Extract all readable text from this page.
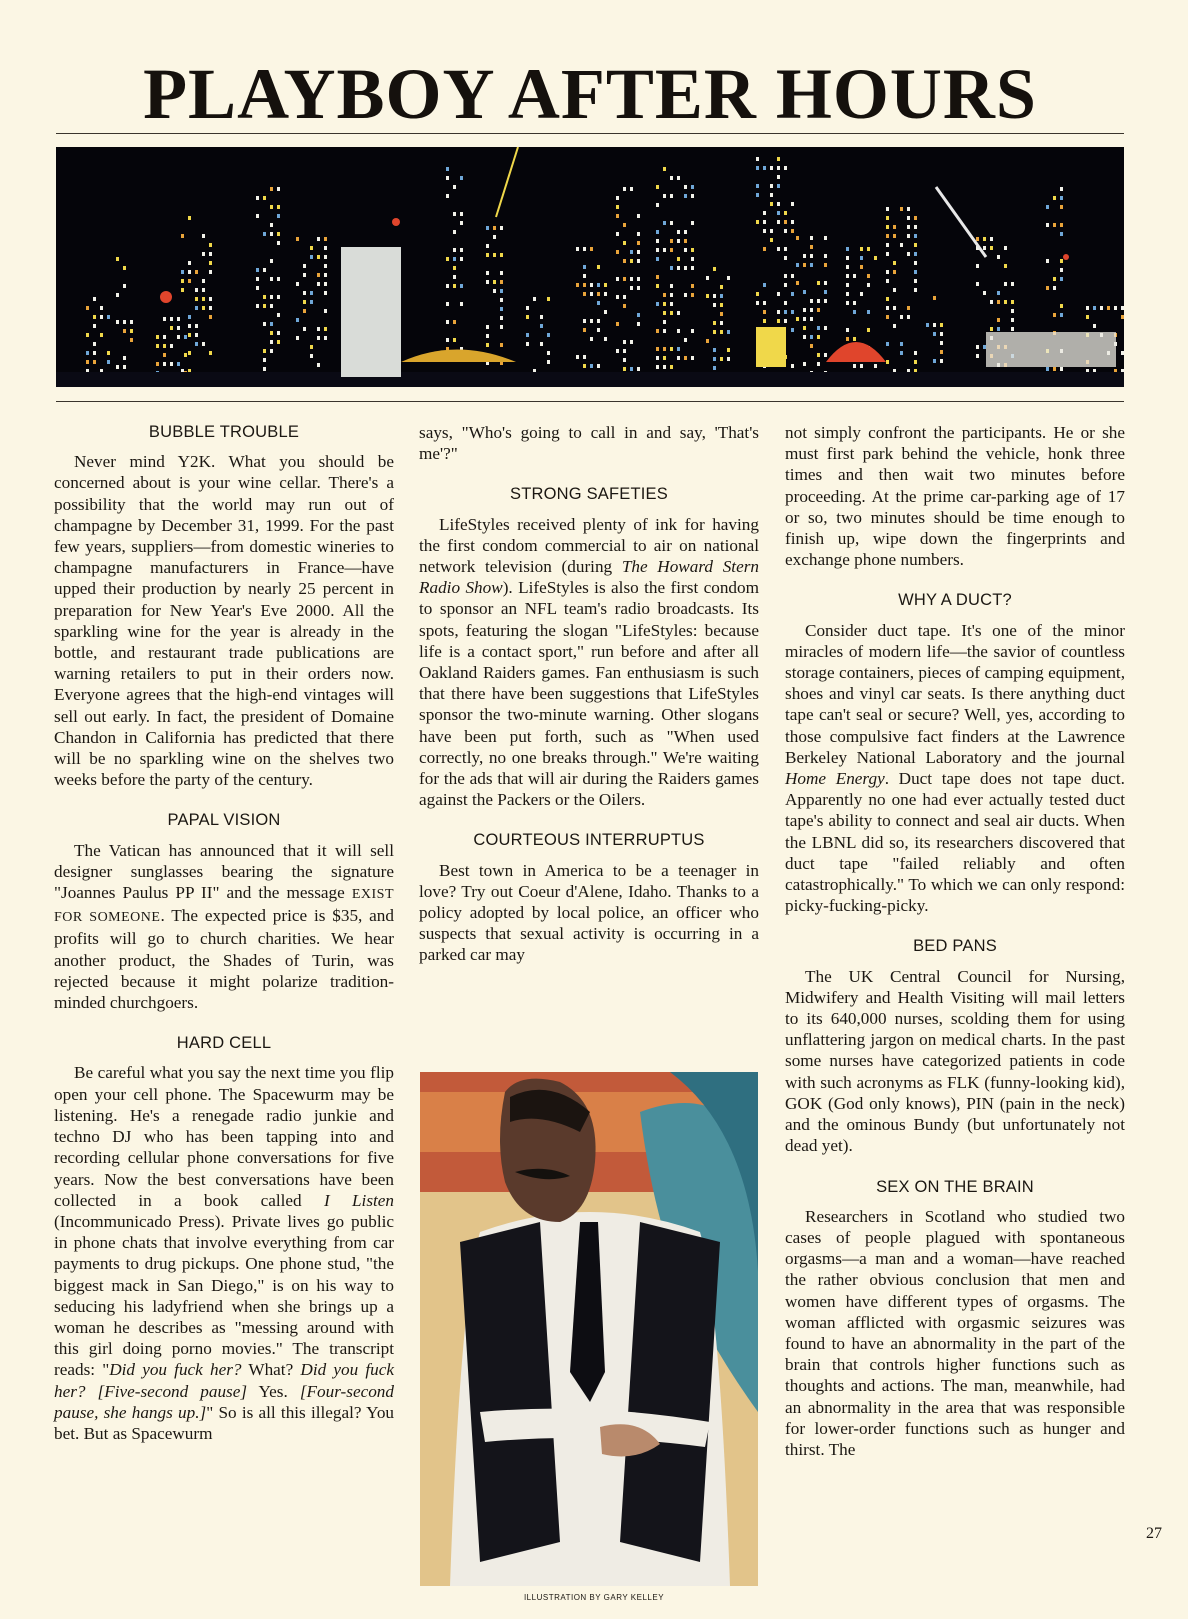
PLAYBOY AFTER HOURS
BUBBLE TROUBLE

Never mind Y2K. What you should be concerned about is your wine cellar. There's a possibility that the world may run out of champagne by December 31, 1999. For the past few years, suppliers—from domestic wineries to champagne manufacturers in France—have upped their production by nearly 25 percent in preparation for New Year's Eve 2000. All the sparkling wine for the year is already in the bottle, and restaurant trade publications are warning retailers to put in their orders now. Everyone agrees that the high-end vintages will sell out early. In fact, the president of Domaine Chandon in California has predicted that there will be no sparkling wine on the shelves two weeks before the party of the century.

PAPAL VISION

The Vatican has announced that it will sell designer sunglasses bearing the signature "Joannes Paulus PP II" and the message EXIST FOR SOMEONE. The expected price is $35, and profits will go to church charities. We hear another product, the Shades of Turin, was rejected because it might polarize tradition-minded churchgoers.

HARD CELL

Be careful what you say the next time you flip open your cell phone. The Spacewurm may be listening. He's a renegade radio junkie and techno DJ who has been tapping into and recording cellular phone conversations for five years. Now the best conversations have been collected in a book called I Listen (Incommunicado Press). Private lives go public in phone chats that involve everything from car payments to drug pickups. One phone stud, "the biggest mack in San Diego," is on his way to seducing his ladyfriend when she brings up a woman he describes as "messing around with this girl doing porno movies." The transcript reads: "Did you fuck her? What? Did you fuck her? [Five-second pause] Yes. [Four-second pause, she hangs up.]" So is all this illegal? You bet. But as Spacewurm

says, "Who's going to call in and say, 'That's me'?"

STRONG SAFETIES

LifeStyles received plenty of ink for having the first condom commercial to air on national network television (during The Howard Stern Radio Show). LifeStyles is also the first condom to sponsor an NFL team's radio broadcasts. Its spots, featuring the slogan "LifeStyles: because life is a contact sport," run before and after all Oakland Raiders games. Fan enthusiasm is such that there have been suggestions that LifeStyles sponsor the two-minute warning. Other slogans have been put forth, such as "When used correctly, no one breaks through." We're waiting for the ads that will air during the Raiders games against the Packers or the Oilers.

COURTEOUS INTERRUPTUS

Best town in America to be a teenager in love? Try out Coeur d'Alene, Idaho. Thanks to a policy adopted by local police, an officer who suspects that sexual activity is occurring in a parked car may

not simply confront the participants. He or she must first park behind the vehicle, honk three times and then wait two minutes before proceeding. At the prime car-parking age of 17 or so, two minutes should be time enough to finish up, wipe down the fingerprints and exchange phone numbers.

WHY A DUCT?

Consider duct tape. It's one of the minor miracles of modern life—the savior of countless storage containers, pieces of camping equipment, shoes and vinyl car seats. Is there anything duct tape can't seal or secure? Well, yes, according to those compulsive fact finders at the Lawrence Berkeley National Laboratory and the journal Home Energy. Duct tape does not tape duct. Apparently no one had ever actually tested duct tape's ability to connect and seal air ducts. When the LBNL did so, its researchers discovered that duct tape "failed reliably and often catastrophically." To which we can only respond: picky-fucking-picky.

BED PANS

The UK Central Council for Nursing, Midwifery and Health Visiting will mail letters to its 640,000 nurses, scolding them for using unflattering jargon on medical charts. In the past some nurses have categorized patients in code with such acronyms as FLK (funny-looking kid), GOK (God only knows), PIN (pain in the neck) and the ominous Bundy (but unfortunately not dead yet).

SEX ON THE BRAIN

Researchers in Scotland who studied two cases of people plagued with spontaneous orgasms—a man and a woman—have reached the rather obvious conclusion that men and women have different types of orgasms. The woman afflicted with orgasmic seizures was found to have an abnormality in the part of the brain that controls higher functions such as thoughts and actions. The man, meanwhile, had an abnormality in the area that was responsible for lower-order functions such as hunger and thirst. The

27
ILLUSTRATION BY GARY KELLEY
